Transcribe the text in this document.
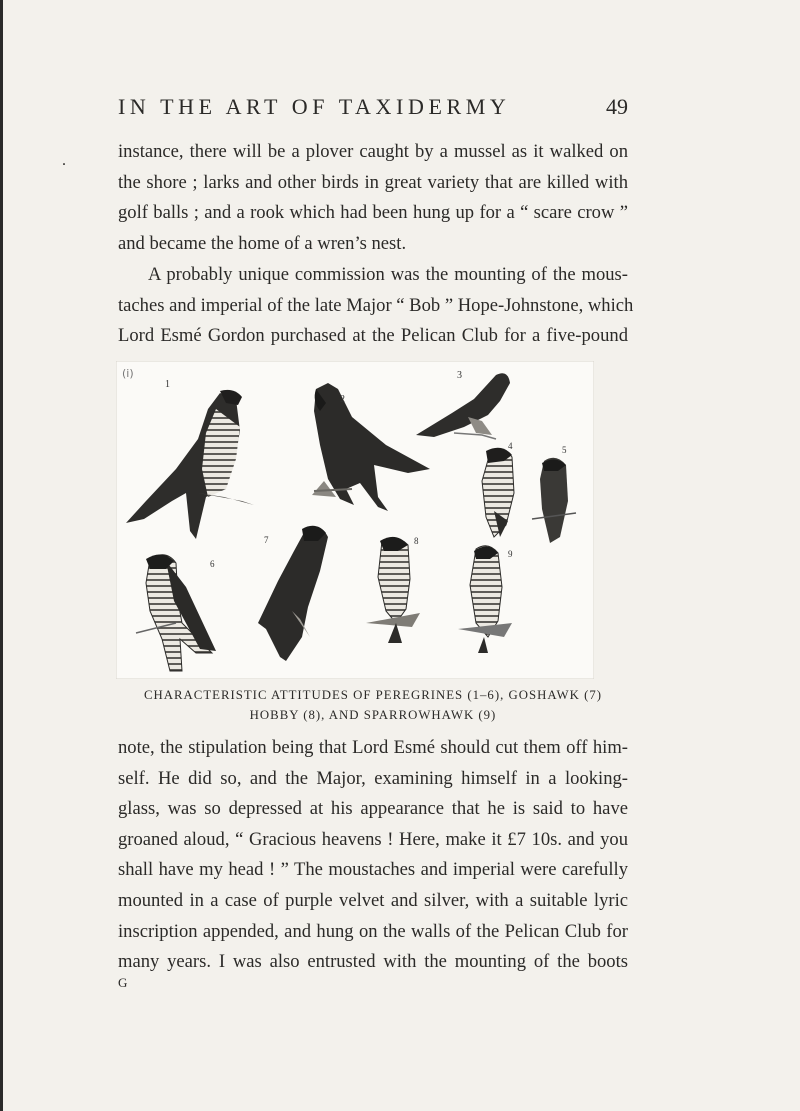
IN THE ART OF TAXIDERMY	49
.	instance, there will be a plover caught by a mussel as it walked on
the shore ; larks and other birds in great variety that are killed with
golf balls ; and a rook which had been hung up for a “ scare crow ”
and became the home of a wren’s nest.
A probably unique commission was the mounting of the mous-
taches and imperial of the late Major “ Bob ” Hope-Johnstone, which
Lord Esmé Gordon purchased at the Pelican Club for a five-pound
(i)
1
2
3
4	5
6
7	8
9
CHARACTERISTIC ATTITUDES OF PEREGRINES (1–6), GOSHAWK (7)
HOBBY (8), AND SPARROWHAWK (9)
note, the stipulation being that Lord Esmé should cut them off him-
self. He did so, and the Major, examining himself in a looking-
glass, was so depressed at his appearance that he is said to have
groaned aloud, “ Gracious heavens ! Here, make it £7 10s. and you
shall have my head ! ” The moustaches and imperial were carefully
mounted in a case of purple velvet and silver, with a suitable lyric
inscription appended, and hung on the walls of the Pelican Club for
many years. I was also entrusted with the mounting of the boots
G
